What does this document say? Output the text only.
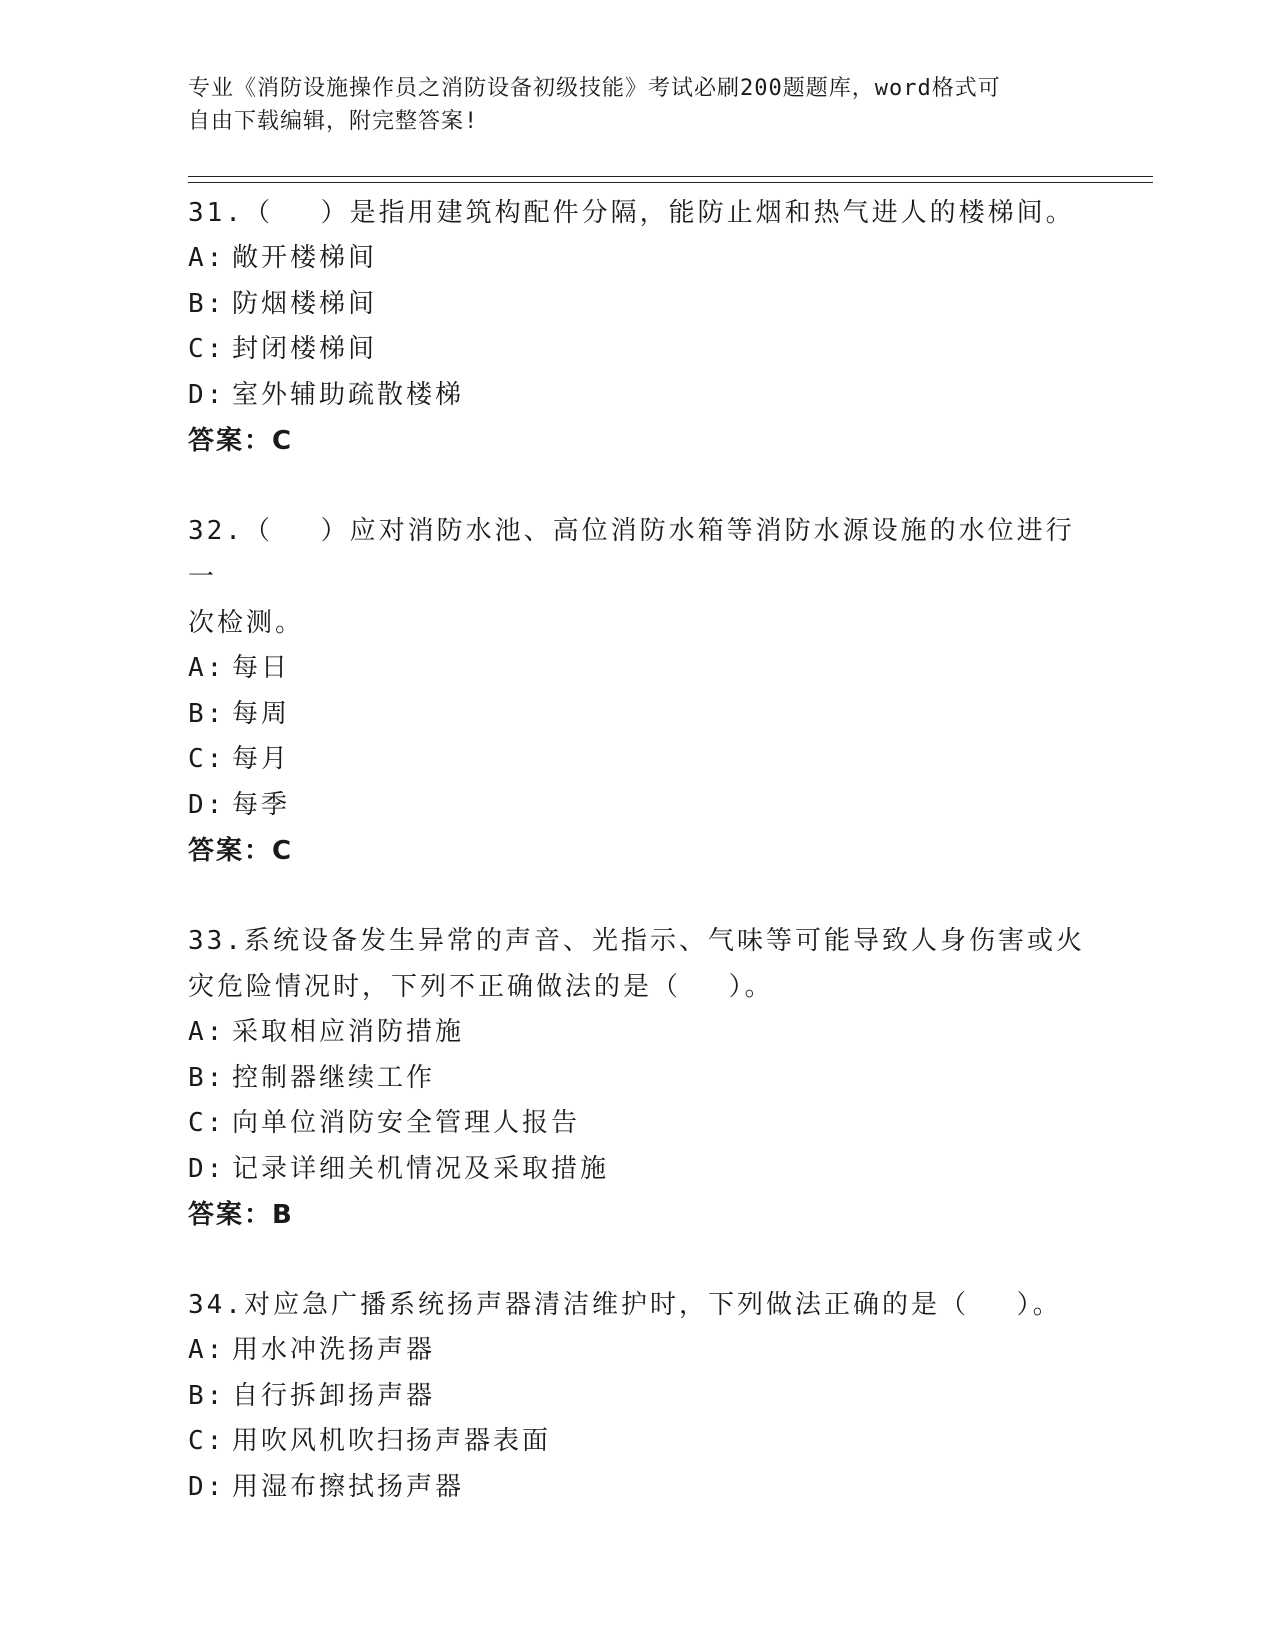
专业《消防设施操作员之消防设备初级技能》考试必刷200题题库，word格式可
自由下载编辑，附完整答案!
31.（　 ）是指用建筑构配件分隔，能防止烟和热气进人的楼梯间。
A: 敞开楼梯间
B: 防烟楼梯间
C: 封闭楼梯间
D: 室外辅助疏散楼梯
答案：C
32.（　 ）应对消防水池、高位消防水箱等消防水源设施的水位进行一
次检测。
A: 每日
B: 每周
C: 每月
D: 每季
答案：C
33.系统设备发生异常的声音、光指示、气味等可能导致人身伤害或火
灾危险情况时，下列不正确做法的是（　 ）。
A: 采取相应消防措施
B: 控制器继续工作
C: 向单位消防安全管理人报告
D: 记录详细关机情况及采取措施
答案：B
34.对应急广播系统扬声器清洁维护时，下列做法正确的是（　 ）。
A: 用水冲洗扬声器
B: 自行拆卸扬声器
C: 用吹风机吹扫扬声器表面
D: 用湿布擦拭扬声器
